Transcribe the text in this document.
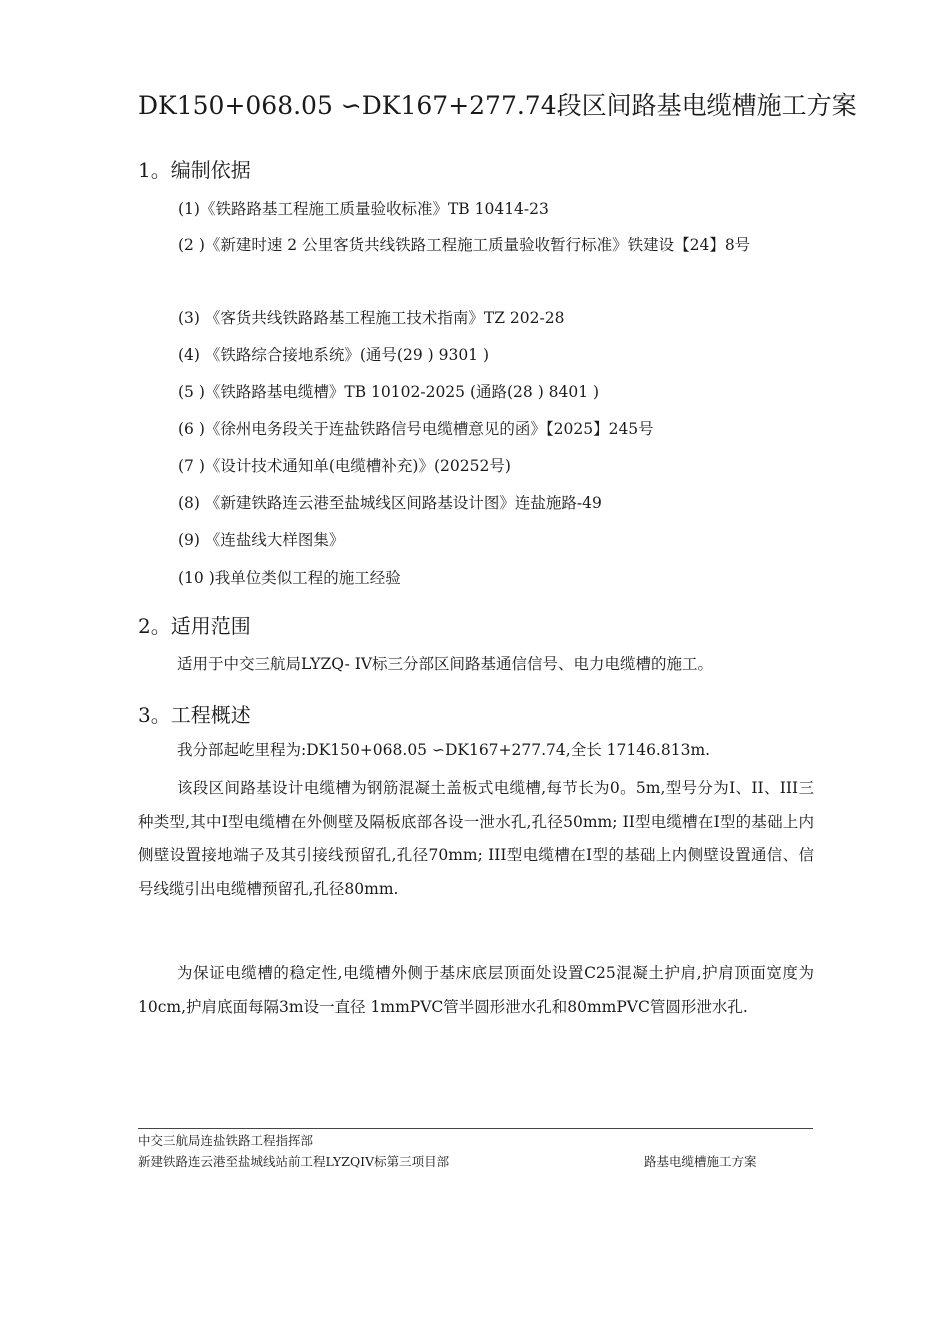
DK150+068.05 ∽DK167+277.74段区间路基电缆槽施工方案
1。编制依据
(1)《铁路路基工程施工质量验收标准》TB 10414-23
(2 )《新建时速 2 公里客货共线铁路工程施工质量验收暂行标准》铁建设【24】8号
(3) 《客货共线铁路路基工程施工技术指南》TZ 202-28
(4) 《铁路综合接地系统》(通号(29 ) 9301 )
(5 )《铁路路基电缆槽》TB 10102-2025 (通路(28 ) 8401 )
(6 )《徐州电务段关于连盐铁路信号电缆槽意见的函》【2025】245号
(7 )《设计技术通知单(电缆槽补充)》(20252号)
(8) 《新建铁路连云港至盐城线区间路基设计图》连盐施路-49
(9) 《连盐线大样图集》
(10 )我单位类似工程的施工经验
2。适用范围
适用于中交三航局LYZQ- IV标三分部区间路基通信信号、电力电缆槽的施工。
3。工程概述
我分部起屹里程为:DK150+068.05 ∽DK167+277.74,全长 17146.813m.
该段区间路基设计电缆槽为钢筋混凝土盖板式电缆槽,每节长为0。5m,型号分为I、II、III三种类型,其中I型电缆槽在外侧壁及隔板底部各设一泄水孔,孔径50mm; II型电缆槽在I型的基础上内侧壁设置接地端子及其引接线预留孔,孔径70mm; III型电缆槽在I型的基础上内侧壁设置通信、信号线缆引出电缆槽预留孔,孔径80mm.
为保证电缆槽的稳定性,电缆槽外侧于基床底层顶面处设置C25混凝土护肩,护肩顶面宽度为10cm,护肩底面每隔3m设一直径 1mmPVC管半圆形泄水孔和80mmPVC管圆形泄水孔.
中交三航局连盐铁路工程指挥部
新建铁路连云港至盐城线站前工程LYZQIV标第三项目部	路基电缆槽施工方案
